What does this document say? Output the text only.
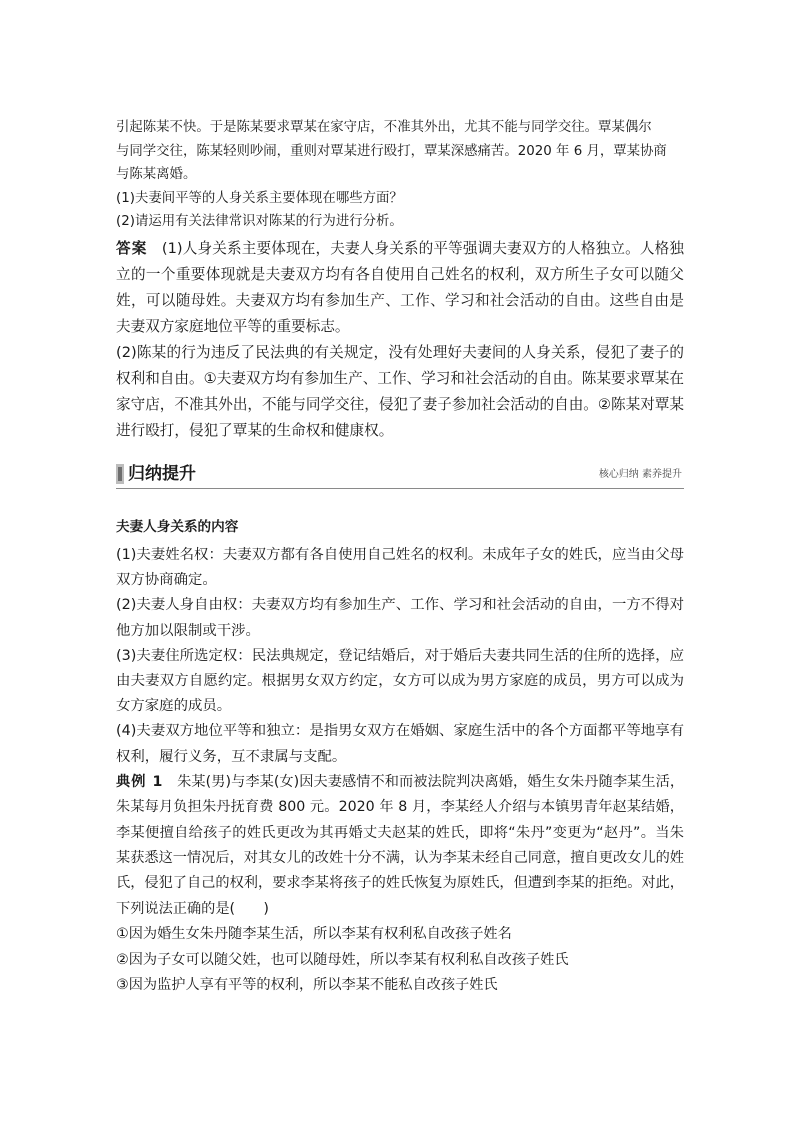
引起陈某不快。于是陈某要求覃某在家守店，不准其外出，尤其不能与同学交往。覃某偶尔

与同学交往，陈某轻则吵闹，重则对覃某进行殴打，覃某深感痛苦。2020 年 6 月，覃某协商

与陈某离婚。

(1)夫妻间平等的人身关系主要体现在哪些方面？

(2)请运用有关法律常识对陈某的行为进行分析。

答案 (1)人身关系主要体现在，夫妻人身关系的平等强调夫妻双方的人格独立。人格独立的一个重要体现就是夫妻双方均有各自使用自己姓名的权利，双方所生子女可以随父姓，可以随母姓。夫妻双方均有参加生产、工作、学习和社会活动的自由。这些自由是夫妻双方家庭地位平等的重要标志。

(2)陈某的行为违反了民法典的有关规定，没有处理好夫妻间的人身关系，侵犯了妻子的权利和自由。①夫妻双方均有参加生产、工作、学习和社会活动的自由。陈某要求覃某在家守店，不准其外出，不能与同学交往，侵犯了妻子参加社会活动的自由。②陈某对覃某进行殴打，侵犯了覃某的生命权和健康权。

归纳提升	核心归纳 素养提升

夫妻人身关系的内容

(1)夫妻姓名权：夫妻双方都有各自使用自己姓名的权利。未成年子女的姓氏，应当由父母双方协商确定。

(2)夫妻人身自由权：夫妻双方均有参加生产、工作、学习和社会活动的自由，一方不得对他方加以限制或干涉。

(3)夫妻住所选定权：民法典规定，登记结婚后，对于婚后夫妻共同生活的住所的选择，应由夫妻双方自愿约定。根据男女双方约定，女方可以成为男方家庭的成员，男方可以成为女方家庭的成员。

(4)夫妻双方地位平等和独立：是指男女双方在婚姻、家庭生活中的各个方面都平等地享有权利，履行义务，互不隶属与支配。

典例 1 朱某(男)与李某(女)因夫妻感情不和而被法院判决离婚，婚生女朱丹随李某生活，朱某每月负担朱丹抚育费 800 元。2020 年 8 月，李某经人介绍与本镇男青年赵某结婚，李某便擅自给孩子的姓氏更改为其再婚丈夫赵某的姓氏，即将“朱丹”变更为“赵丹”。当朱某获悉这一情况后，对其女儿的改姓十分不满，认为李某未经自己同意，擅自更改女儿的姓氏，侵犯了自己的权利，要求李某将孩子的姓氏恢复为原姓氏，但遭到李某的拒绝。对此，下列说法正确的是(　　)

①因为婚生女朱丹随李某生活，所以李某有权利私自改孩子姓名

②因为子女可以随父姓，也可以随母姓，所以李某有权利私自改孩子姓氏

③因为监护人享有平等的权利，所以李某不能私自改孩子姓氏
